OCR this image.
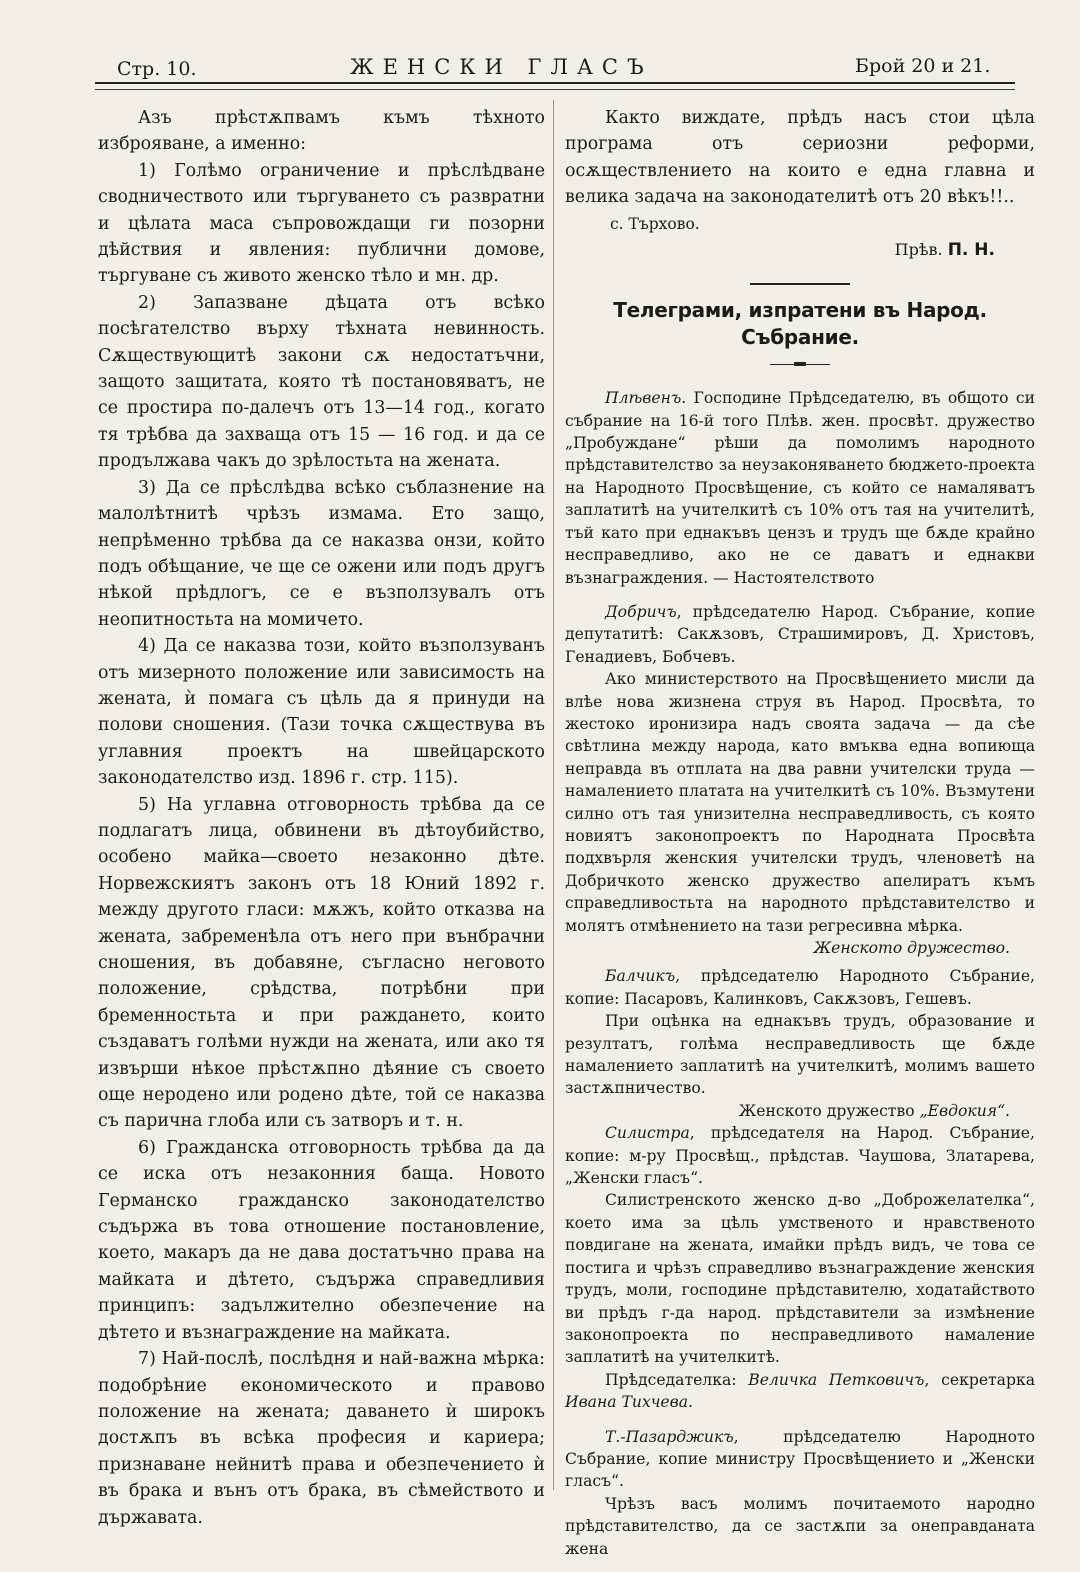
Стр. 10.	ЖЕНСКИ ГЛАСЪ	Брой 20 и 21.

Азъ прѣстѫпвамъ къмъ тѣхното изброяване, а именно:

1) Голѣмо ограничение и прѣслѣдване сводничеството или търгуването съ развратни и цѣлата маса съпровождащи ги позорни дѣйствия и явления: публични домове, търгуване съ живото женско тѣло и мн. др.

2) Запазване дѣцата отъ всѣко посѣгателство върху тѣхната невинность. Сѫществующитѣ закони сѫ недостатъчни, защото защитата, която тѣ постановяватъ, не се простира по-далечъ отъ 13—14 год., когато тя трѣбва да захваща отъ 15 — 16 год. и да се продължава чакъ до зрѣлостьта на жената.

3) Да се прѣслѣдва всѣко съблазнение на малолѣтнитѣ чрѣзъ измама. Ето защо, непрѣменно трѣбва да се наказва онзи, който подъ обѣщание, че ще се ожени или подъ другъ нѣкой прѣдлогъ, се е възползувалъ отъ неопитностьта на момичето.

4) Да се наказва този, който възползуванъ отъ мизерното положение или зависимость на жената, ѝ помага съ цѣль да я принуди на полови сношения. (Тази точка сѫществува въ углавния проектъ на швейцарското законодателство изд. 1896 г. стр. 115).

5) На углавна отговорность трѣбва да се подлагатъ лица, обвинени въ дѣтоубийство, особено майка—своето незаконно дѣте. Норвежскиятъ законъ отъ 18 Юний 1892 г. между другото гласи: мѫжъ, който отказва на жената, забременѣла отъ него при вънбрачни сношения, въ добавяне, съгласно неговото положение, срѣдства, потрѣбни при бременностьта и при раждането, които създаватъ голѣми нужди на жената, или ако тя извърши нѣкое прѣстѫпно дѣяние съ своето още нероденo или родено дѣте, той се наказва съ парична глоба или съ затворъ и т. н.

6) Гражданска отговорность трѣбва да да се иска отъ незаконния баща. Новото Германско гражданско законодателство съдържа въ това отношение постановление, което, макаръ да не дава достатъчно права на майката и дѣтето, съдържа справедливия принципъ: задължително обезпечение на дѣтето и възнаграждение на майката.

7) Най-послѣ, послѣдня и най-важна мѣрка: подобрѣние економическото и правово положение на жената; даването ѝ широкъ достѫпъ въ всѣка професия и кариера; признаване нейнитѣ права и обезпечението ѝ въ брака и вънъ отъ брака, въ сѣмейството и държавата.

Както виждате, прѣдъ насъ стои цѣла програма отъ сериозни реформи, осѫществлението на които е една главна и велика задача на законодателитѣ отъ 20 вѣкъ!!..

с. Търхово.

Прѣв. П. Н.

Телеграми, изпратени въ Народ. Събрание.

Плѣвенъ. Господине Прѣдседателю, въ общото си събрание на 16-й того Плѣв. жен. просвѣт. дружество „Пробуждане“ рѣши да помолимъ народното прѣдставителство за неузаконяването бюджето-проекта на Народното Просвѣщение, съ който се намаляватъ заплатитѣ на учителкитѣ съ 10% отъ тая на учителитѣ, тъй като при еднакъвъ цензъ и трудъ ще бѫде крайно несправедливо, ако не се даватъ и еднакви възнаграждения. — Настоятелството

Добричъ, прѣдседателю Народ. Събрание, копие депутатитѣ: Сакѫзовъ, Страшимировъ, Д. Христовъ, Генадиевъ, Бобчевъ.

Ако министерството на Просвѣщението мисли да влѣе нова жизнена струя въ Народ. Просвѣта, то жестоко иронизира надъ своята задача — да сѣе свѣтлина между народа, като вмъква една вопиюща неправда въ отплата на два равни учителски труда —намалението платата на учителкитѣ съ 10%. Възмутени силно отъ тая унизителна несправедливость, съ която новиятъ законопроектъ по Народната Просвѣта подхвърля женския учителски трудъ, членоветѣ на Добричкото женско дружество апелиратъ къмъ справедливостьта на народното прѣдставителство и молятъ отмѣнението на тази регресивна мѣрка.

Женското дружество.

Балчикъ, прѣдседателю Народното Събрание, копие: Пасаровъ, Калинковъ, Сакѫзовъ, Гешевъ.

При оцѣнка на еднакъвъ трудъ, образование и резултатъ, голѣма несправедливость ще бѫде намалението заплатитѣ на учителкитѣ, молимъ вашето застѫпничество.

Женското дружество „Евдокия“.

Силистра, прѣдседателя на Народ. Събрание, копие: м-ру Просвѣщ., прѣдстав. Чаушова, Златарева, „Женски гласъ“.

Силистренското женско д-во „Доброжелателка“, което има за цѣль умственото и нравственото повдигане на жената, имайки прѣдъ видъ, че това се постига и чрѣзъ справедливо възнаграждение женския трудъ, моли, господине прѣдставителю, ходатайството ви прѣдъ г-да народ. прѣдставители за измѣнение законопроекта по несправедливото намаление заплатитѣ на учителкитѣ.

Прѣдседателка: Величка Петковичъ, секретарка Ивана Тихчева.

Т.-Пазарджикъ, прѣдседателю Народното Събрание, копие министру Просвѣщението и „Женски гласъ“.

Чрѣзъ васъ молимъ почитаемото народно прѣдставителство, да се застѫпи за онеправданата жена
